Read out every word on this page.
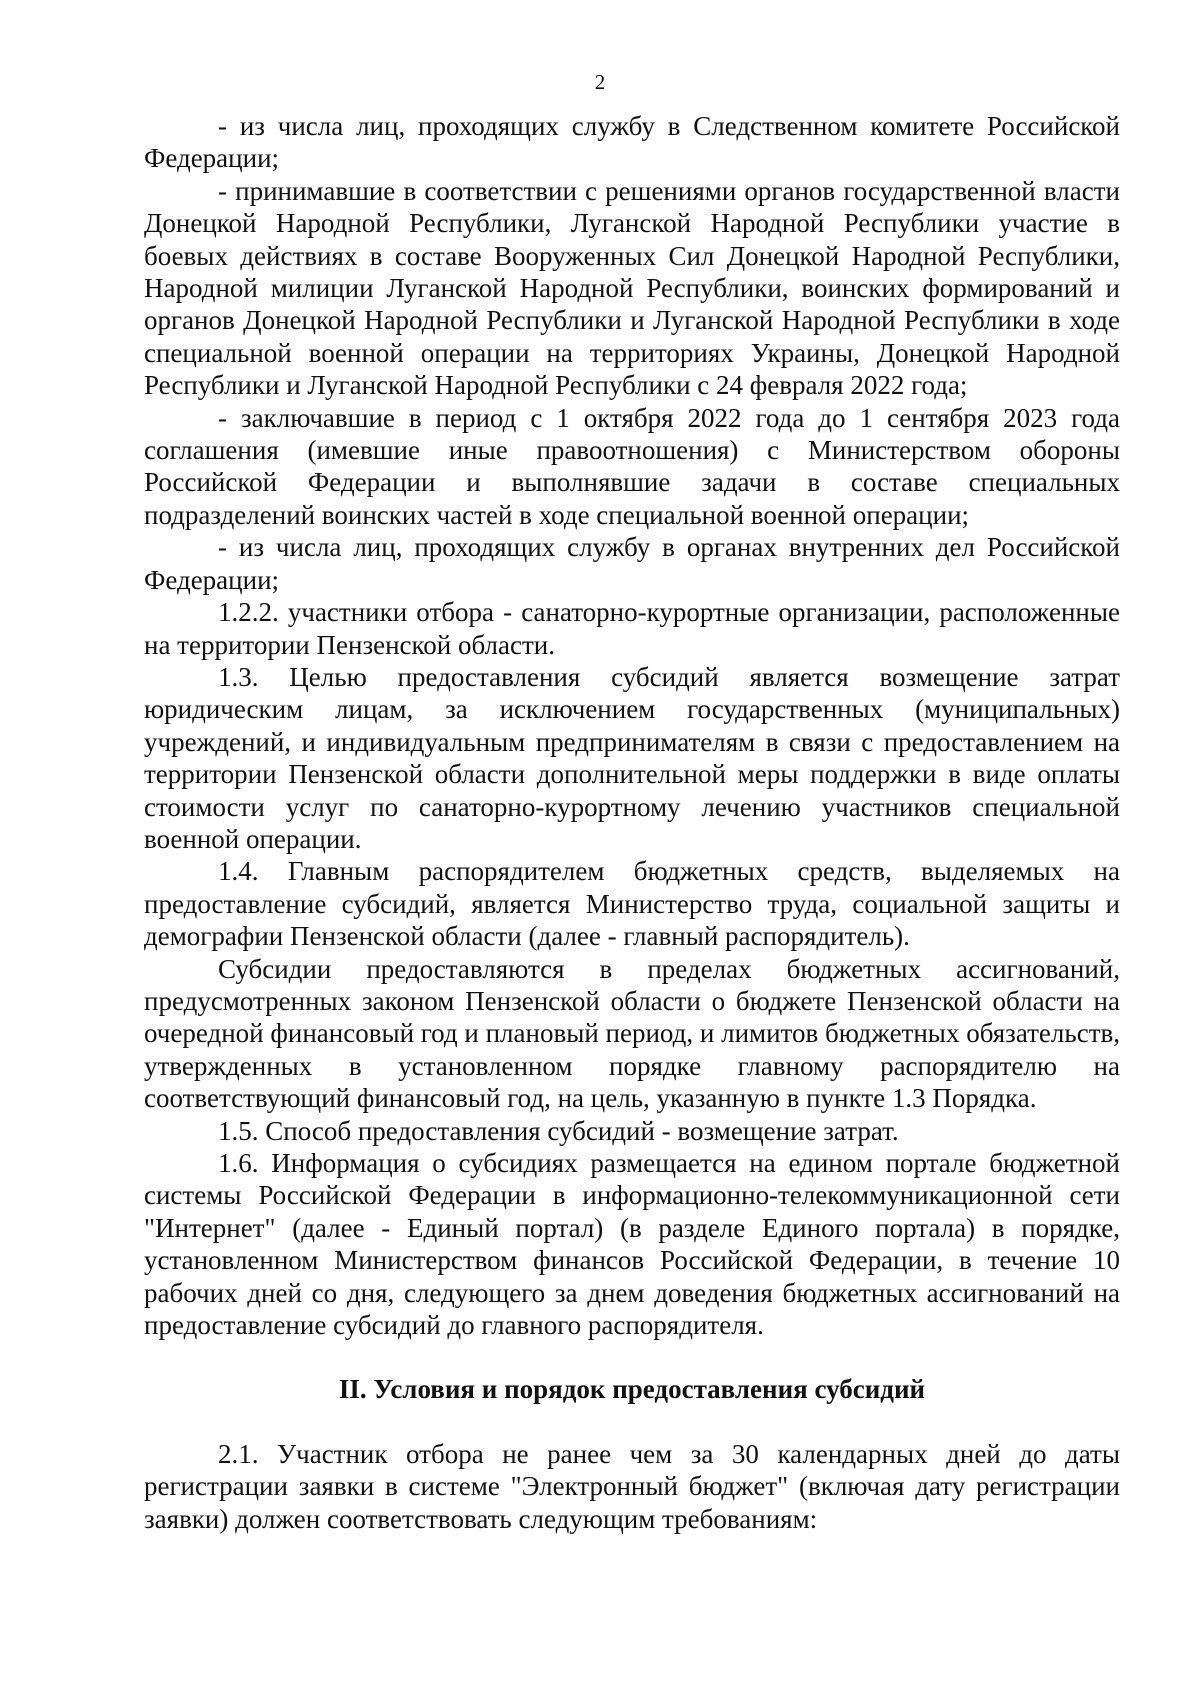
2

- из числа лиц, проходящих службу в Следственном комитете Российской Федерации;

- принимавшие в соответствии с решениями органов государственной власти Донецкой Народной Республики, Луганской Народной Республики участие в боевых действиях в составе Вооруженных Сил Донецкой Народной Республики, Народной милиции Луганской Народной Республики, воинских формирований и органов Донецкой Народной Республики и Луганской Народной Республики в ходе специальной военной операции на территориях Украины, Донецкой Народной Республики и Луганской Народной Республики с 24 февраля 2022 года;

- заключавшие в период с 1 октября 2022 года до 1 сентября 2023 года соглашения (имевшие иные правоотношения) с Министерством обороны Российской Федерации и выполнявшие задачи в составе специальных подразделений воинских частей в ходе специальной военной операции;

- из числа лиц, проходящих службу в органах внутренних дел Российской Федерации;

1.2.2. участники отбора - санаторно-курортные организации, расположенные на территории Пензенской области.

1.3. Целью предоставления субсидий является возмещение затрат юридическим лицам, за исключением государственных (муниципальных) учреждений, и индивидуальным предпринимателям в связи с предоставлением на территории Пензенской области дополнительной меры поддержки в виде оплаты стоимости услуг по санаторно-курортному лечению участников специальной военной операции.

1.4. Главным распорядителем бюджетных средств, выделяемых на предоставление субсидий, является Министерство труда, социальной защиты и демографии Пензенской области (далее - главный распорядитель).

Субсидии предоставляются в пределах бюджетных ассигнований, предусмотренных законом Пензенской области о бюджете Пензенской области на очередной финансовый год и плановый период, и лимитов бюджетных обязательств, утвержденных в установленном порядке главному распорядителю на соответствующий финансовый год, на цель, указанную в пункте 1.3 Порядка.

1.5. Способ предоставления субсидий - возмещение затрат.

1.6. Информация о субсидиях размещается на едином портале бюджетной системы Российской Федерации в информационно-телекоммуникационной сети "Интернет" (далее - Единый портал) (в разделе Единого портала) в порядке, установленном Министерством финансов Российской Федерации, в течение 10 рабочих дней со дня, следующего за днем доведения бюджетных ассигнований на предоставление субсидий до главного распорядителя.

II. Условия и порядок предоставления субсидий

2.1. Участник отбора не ранее чем за 30 календарных дней до даты регистрации заявки в системе "Электронный бюджет" (включая дату регистрации заявки) должен соответствовать следующим требованиям:
